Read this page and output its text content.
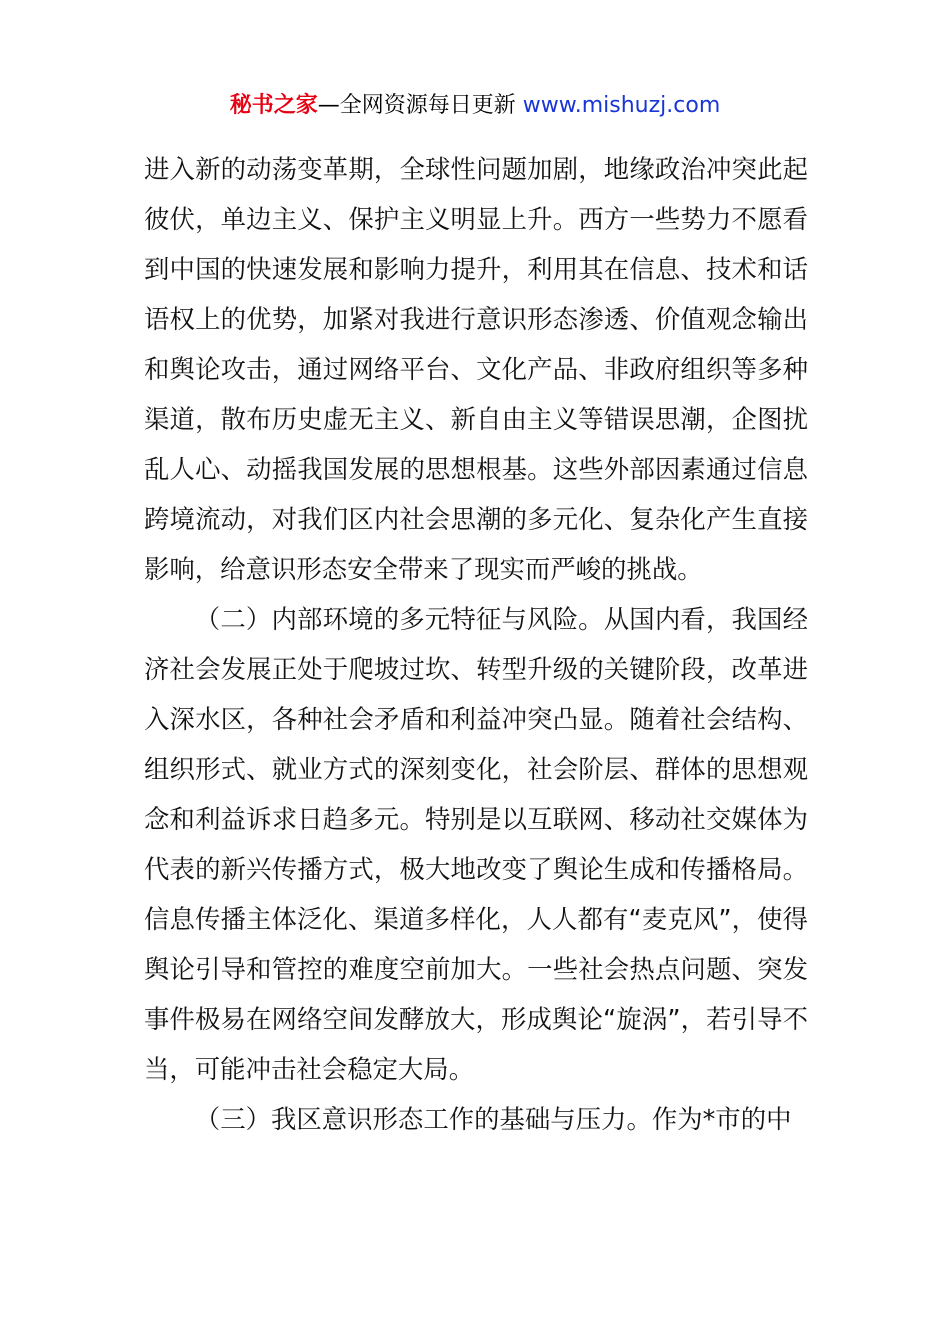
秘书之家—全网资源每日更新 www.mishuzj.com

进入新的动荡变革期，全球性问题加剧，地缘政治冲突此起彼伏，单边主义、保护主义明显上升。西方一些势力不愿看到中国的快速发展和影响力提升，利用其在信息、技术和话语权上的优势，加紧对我进行意识形态渗透、价值观念输出和舆论攻击，通过网络平台、文化产品、非政府组织等多种渠道，散布历史虚无主义、新自由主义等错误思潮，企图扰乱人心、动摇我国发展的思想根基。这些外部因素通过信息跨境流动，对我们区内社会思潮的多元化、复杂化产生直接影响，给意识形态安全带来了现实而严峻的挑战。

（二）内部环境的多元特征与风险。从国内看，我国经济社会发展正处于爬坡过坎、转型升级的关键阶段，改革进入深水区，各种社会矛盾和利益冲突凸显。随着社会结构、组织形式、就业方式的深刻变化，社会阶层、群体的思想观念和利益诉求日趋多元。特别是以互联网、移动社交媒体为代表的新兴传播方式，极大地改变了舆论生成和传播格局。信息传播主体泛化、渠道多样化，人人都有“麦克风”，使得舆论引导和管控的难度空前加大。一些社会热点问题、突发事件极易在网络空间发酵放大，形成舆论“旋涡”，若引导不当，可能冲击社会稳定大局。

（三）我区意识形态工作的基础与压力。作为*市的中
